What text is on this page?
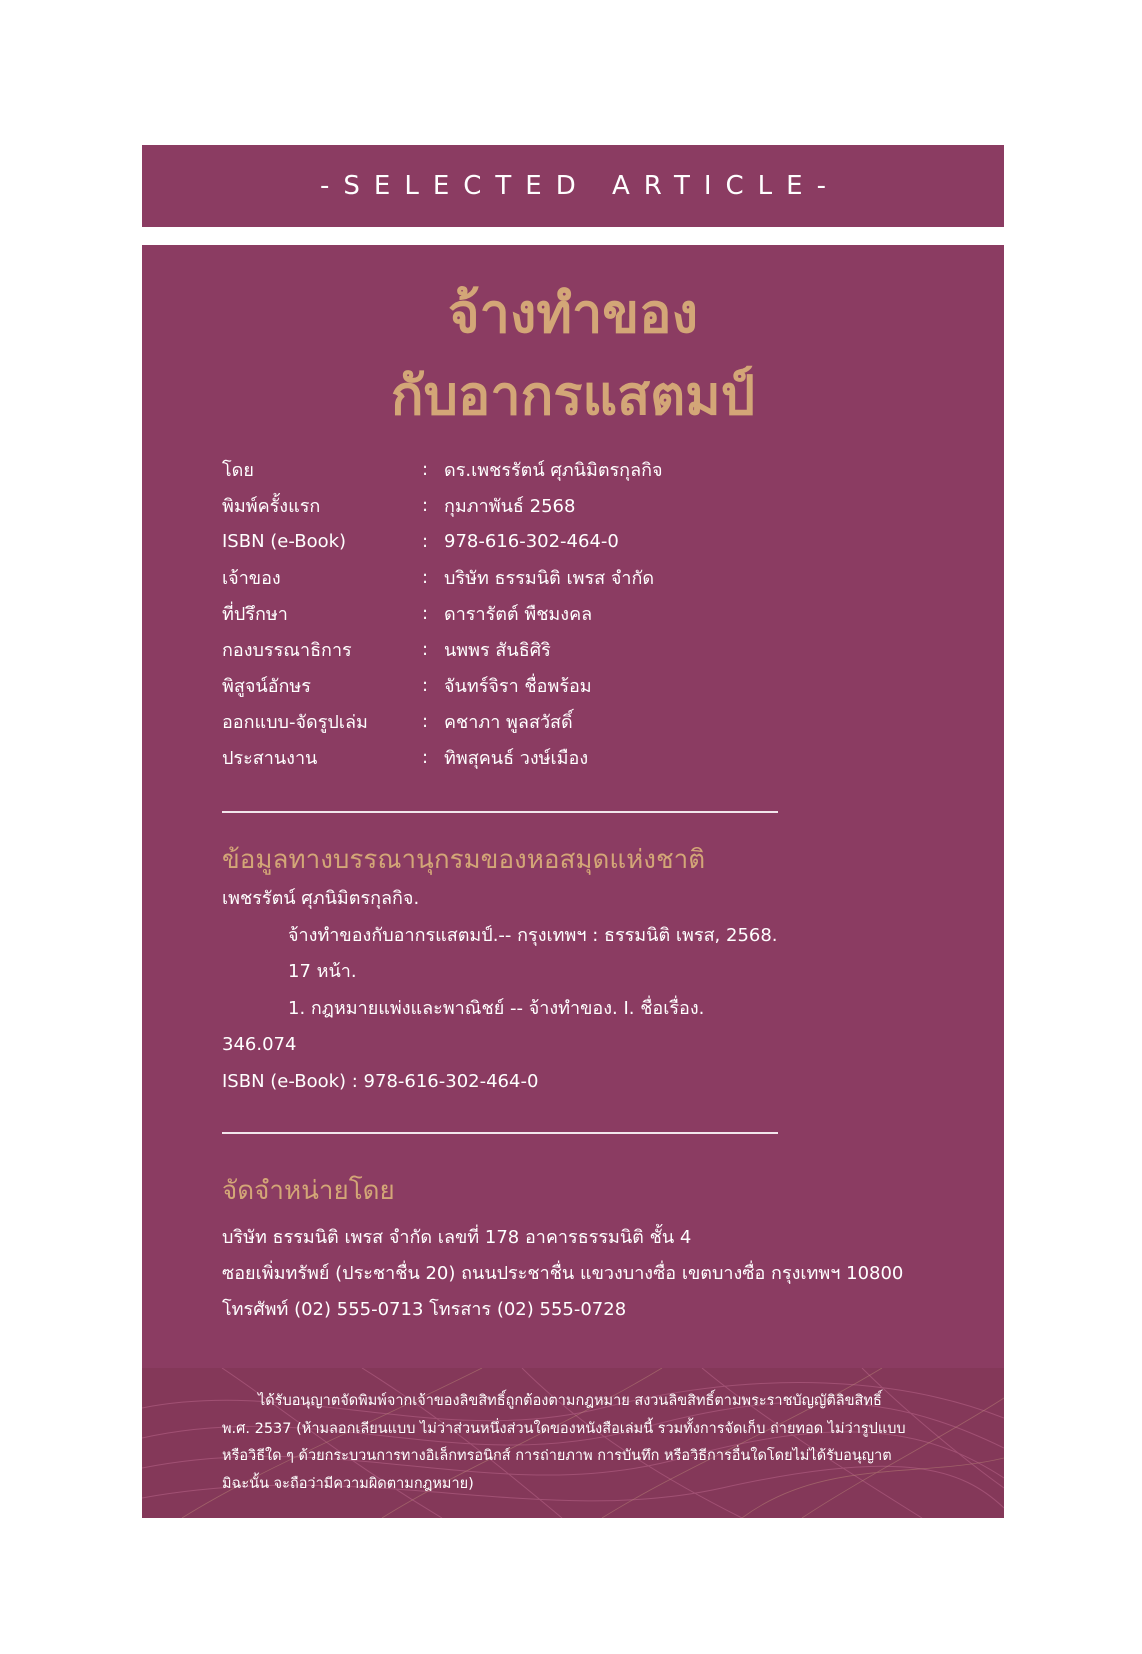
-SELECTED ARTICLE-
จ้างทำของ
กับอากรแสตมป์
โดย	: ดร.เพชรรัตน์ ศุภนิมิตรกุลกิจ
พิมพ์ครั้งแรก	: กุมภาพันธ์ 2568
ISBN (e-Book)	: 978-616-302-464-0
เจ้าของ	: บริษัท ธรรมนิติ เพรส จำกัด
ที่ปรึกษา	: ดารารัตต์ พืชมงคล
กองบรรณาธิการ	: นพพร สันธิศิริ
พิสูจน์อักษร	: จันทร์จิรา ชื่อพร้อม
ออกแบบ-จัดรูปเล่ม	: คชาภา พูลสวัสดิ์
ประสานงาน	: ทิพสุคนธ์ วงษ์เมือง
ข้อมูลทางบรรณานุกรมของหอสมุดแห่งชาติ
เพชรรัตน์ ศุภนิมิตรกุลกิจ.
จ้างทำของกับอากรแสตมป์.-- กรุงเทพฯ : ธรรมนิติ เพรส, 2568.
17 หน้า.
1. กฎหมายแพ่งและพาณิชย์ -- จ้างทำของ. I. ชื่อเรื่อง.
346.074
ISBN (e-Book) : 978-616-302-464-0
จัดจำหน่ายโดย
บริษัท ธรรมนิติ เพรส จำกัด เลขที่ 178 อาคารธรรมนิติ ชั้น 4
ซอยเพิ่มทรัพย์ (ประชาชื่น 20) ถนนประชาชื่น แขวงบางซื่อ เขตบางซื่อ กรุงเทพฯ 10800
โทรศัพท์ (02) 555-0713 โทรสาร (02) 555-0728
ได้รับอนุญาตจัดพิมพ์จากเจ้าของลิขสิทธิ์ถูกต้องตามกฎหมาย สงวนลิขสิทธิ์ตามพระราชบัญญัติลิขสิทธิ์
พ.ศ. 2537 (ห้ามลอกเลียนแบบ ไม่ว่าส่วนหนึ่งส่วนใดของหนังสือเล่มนี้ รวมทั้งการจัดเก็บ ถ่ายทอด ไม่ว่ารูปแบบ
หรือวิธีใด ๆ ด้วยกระบวนการทางอิเล็กทรอนิกส์ การถ่ายภาพ การบันทึก หรือวิธีการอื่นใดโดยไม่ได้รับอนุญาต
มิฉะนั้น จะถือว่ามีความผิดตามกฎหมาย)
